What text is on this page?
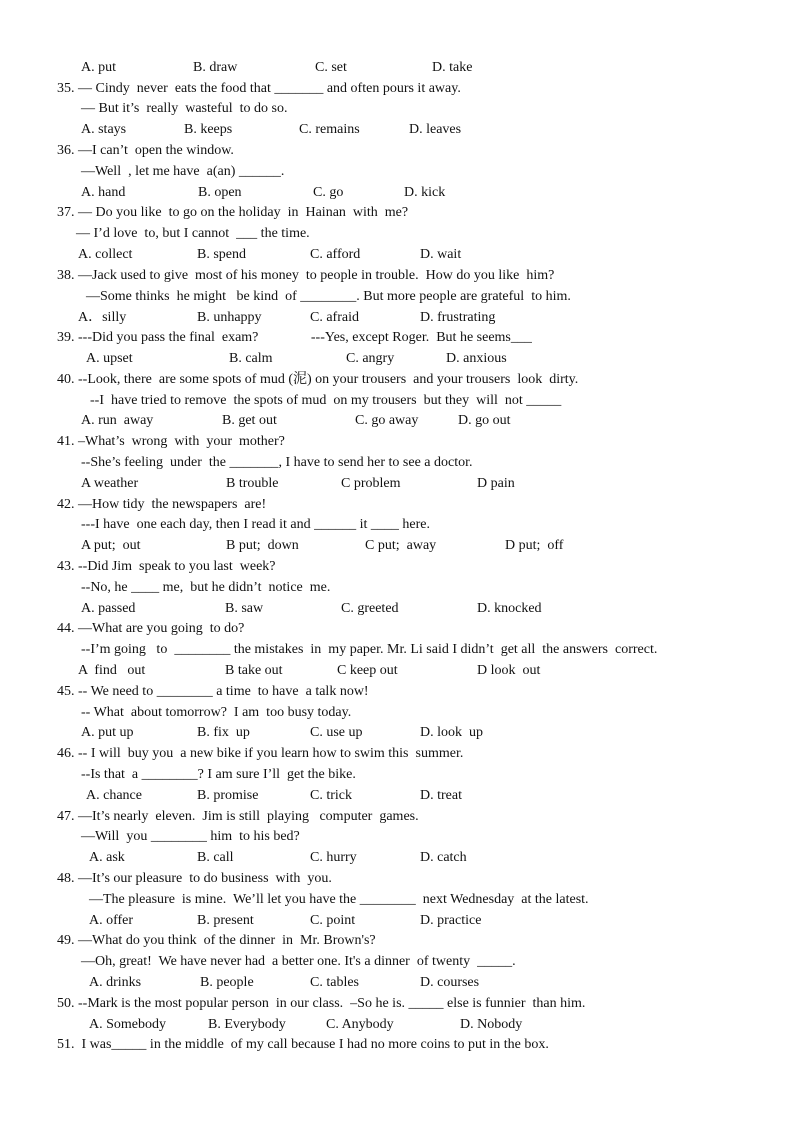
A. put	B. draw	C. set	D. take
35. — Cindy  never  eats the food that _______ and often pours it away.
— But it’s  really  wasteful  to do so.
A. stays	B. keeps	C. remains	D. leaves
36. —I can’t  open the window.
—Well  , let me have  a(an) ______.
A. hand	B. open	C. go	D. kick
37. — Do you like  to go on the holiday  in  Hainan  with  me?
— I’d love  to, but I cannot  ___ the time.
A. collect	B. spend	C. afford	D. wait
38. —Jack used to give  most of his money  to people in trouble.  How do you like  him?
—Some thinks  he might   be kind  of ________. But more people are grateful  to him.
A．silly	B. unhappy	C. afraid	D. frustrating
39. ---Did you pass the final  exam?               ---Yes, except Roger.  But he seems___
A. upset	B. calm	C. angry	D. anxious
40. --Look, there  are some spots of mud (泥) on your trousers  and your trousers  look  dirty.
--I  have tried to remove  the spots of mud  on my trousers  but they  will  not _____
A. run  away	B. get out	C. go away	D. go out
41. –What’s  wrong  with  your  mother?
--She’s feeling  under  the _______, I have to send her to see a doctor.
A weather	B trouble	C problem	D pain
42. —How tidy  the newspapers  are!
---I have  one each day, then I read it and ______ it ____ here.
A put;  out	B put;  down	C put;  away	D put;  off
43. --Did Jim  speak to you last  week?
--No, he ____ me,  but he didn’t  notice  me.
A. passed	B. saw	C. greeted	D. knocked
44. —What are you going  to do?
--I’m going   to  ________ the mistakes  in  my paper. Mr. Li said I didn’t  get all  the answers  correct.
A  find   out	B take out	C keep out	D look  out
45. -- We need to ________ a time  to have  a talk now!
-- What  about tomorrow?  I am  too busy today.
A. put up	B. fix  up	C. use up	D. look  up
46. -- I will  buy you  a new bike if you learn how to swim this  summer.
--Is that  a ________? I am sure I’ll  get the bike.
A. chance	B. promise	C. trick	D. treat
47. —It’s nearly  eleven.  Jim is still  playing   computer  games.
—Will  you ________ him  to his bed?
A. ask	B. call	C. hurry	D. catch
48. —It’s our pleasure  to do business  with  you.
—The pleasure  is mine.  We’ll let you have the ________  next Wednesday  at the latest.
A. offer	B. present	C. point	D. practice
49. —What do you think  of the dinner  in  Mr. Brown's?
—Oh, great!  We have never had  a better one. It's a dinner  of twenty  _____.
A. drinks	B. people	C. tables	D. courses
50. --Mark is the most popular person  in our class.  –So he is. _____ else is funnier  than him.
A. Somebody	B. Everybody	C. Anybody	D. Nobody
51.  I was_____ in the middle  of my call because I had no more coins to put in the box.
